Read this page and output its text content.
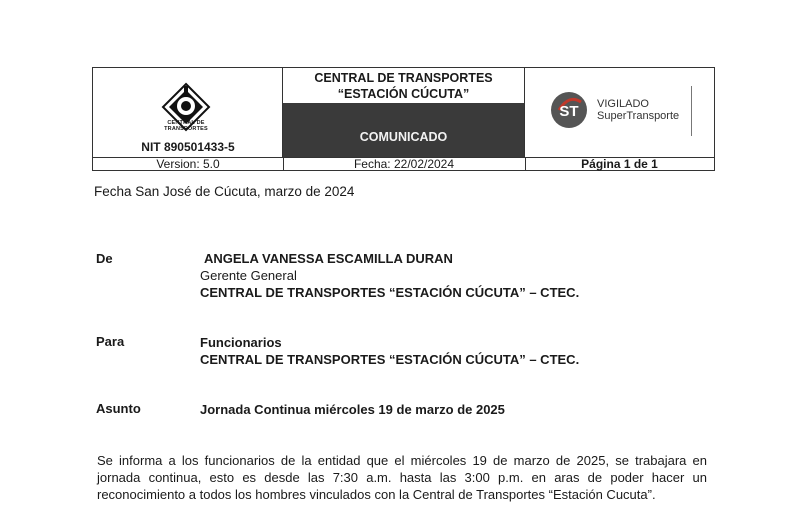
CENTRAL DE
TRANSPORTES
NIT 890501433-5
CENTRAL DE TRANSPORTES “ESTACIÓN CÚCUTA”
COMUNICADO
ST VIGILADO
SuperTransporte
Version: 5.0	Fecha: 22/02/2024	Página 1 de 1
Fecha San José de Cúcuta, marzo de 2024
De	ANGELA VANESSA ESCAMILLA DURAN
Gerente General
CENTRAL DE TRANSPORTES “ESTACIÓN CÚCUTA” – CTEC.
Para	Funcionarios
CENTRAL DE TRANSPORTES “ESTACIÓN CÚCUTA” – CTEC.
Asunto	Jornada Continua miércoles 19 de marzo de 2025
Se informa a los funcionarios de la entidad que el miércoles 19 de marzo de 2025, se trabajara en jornada continua, esto es desde las 7:30 a.m. hasta las 3:00 p.m. en aras de poder hacer un reconocimiento a todos los hombres vinculados con la Central de Transportes “Estación Cucuta”.
